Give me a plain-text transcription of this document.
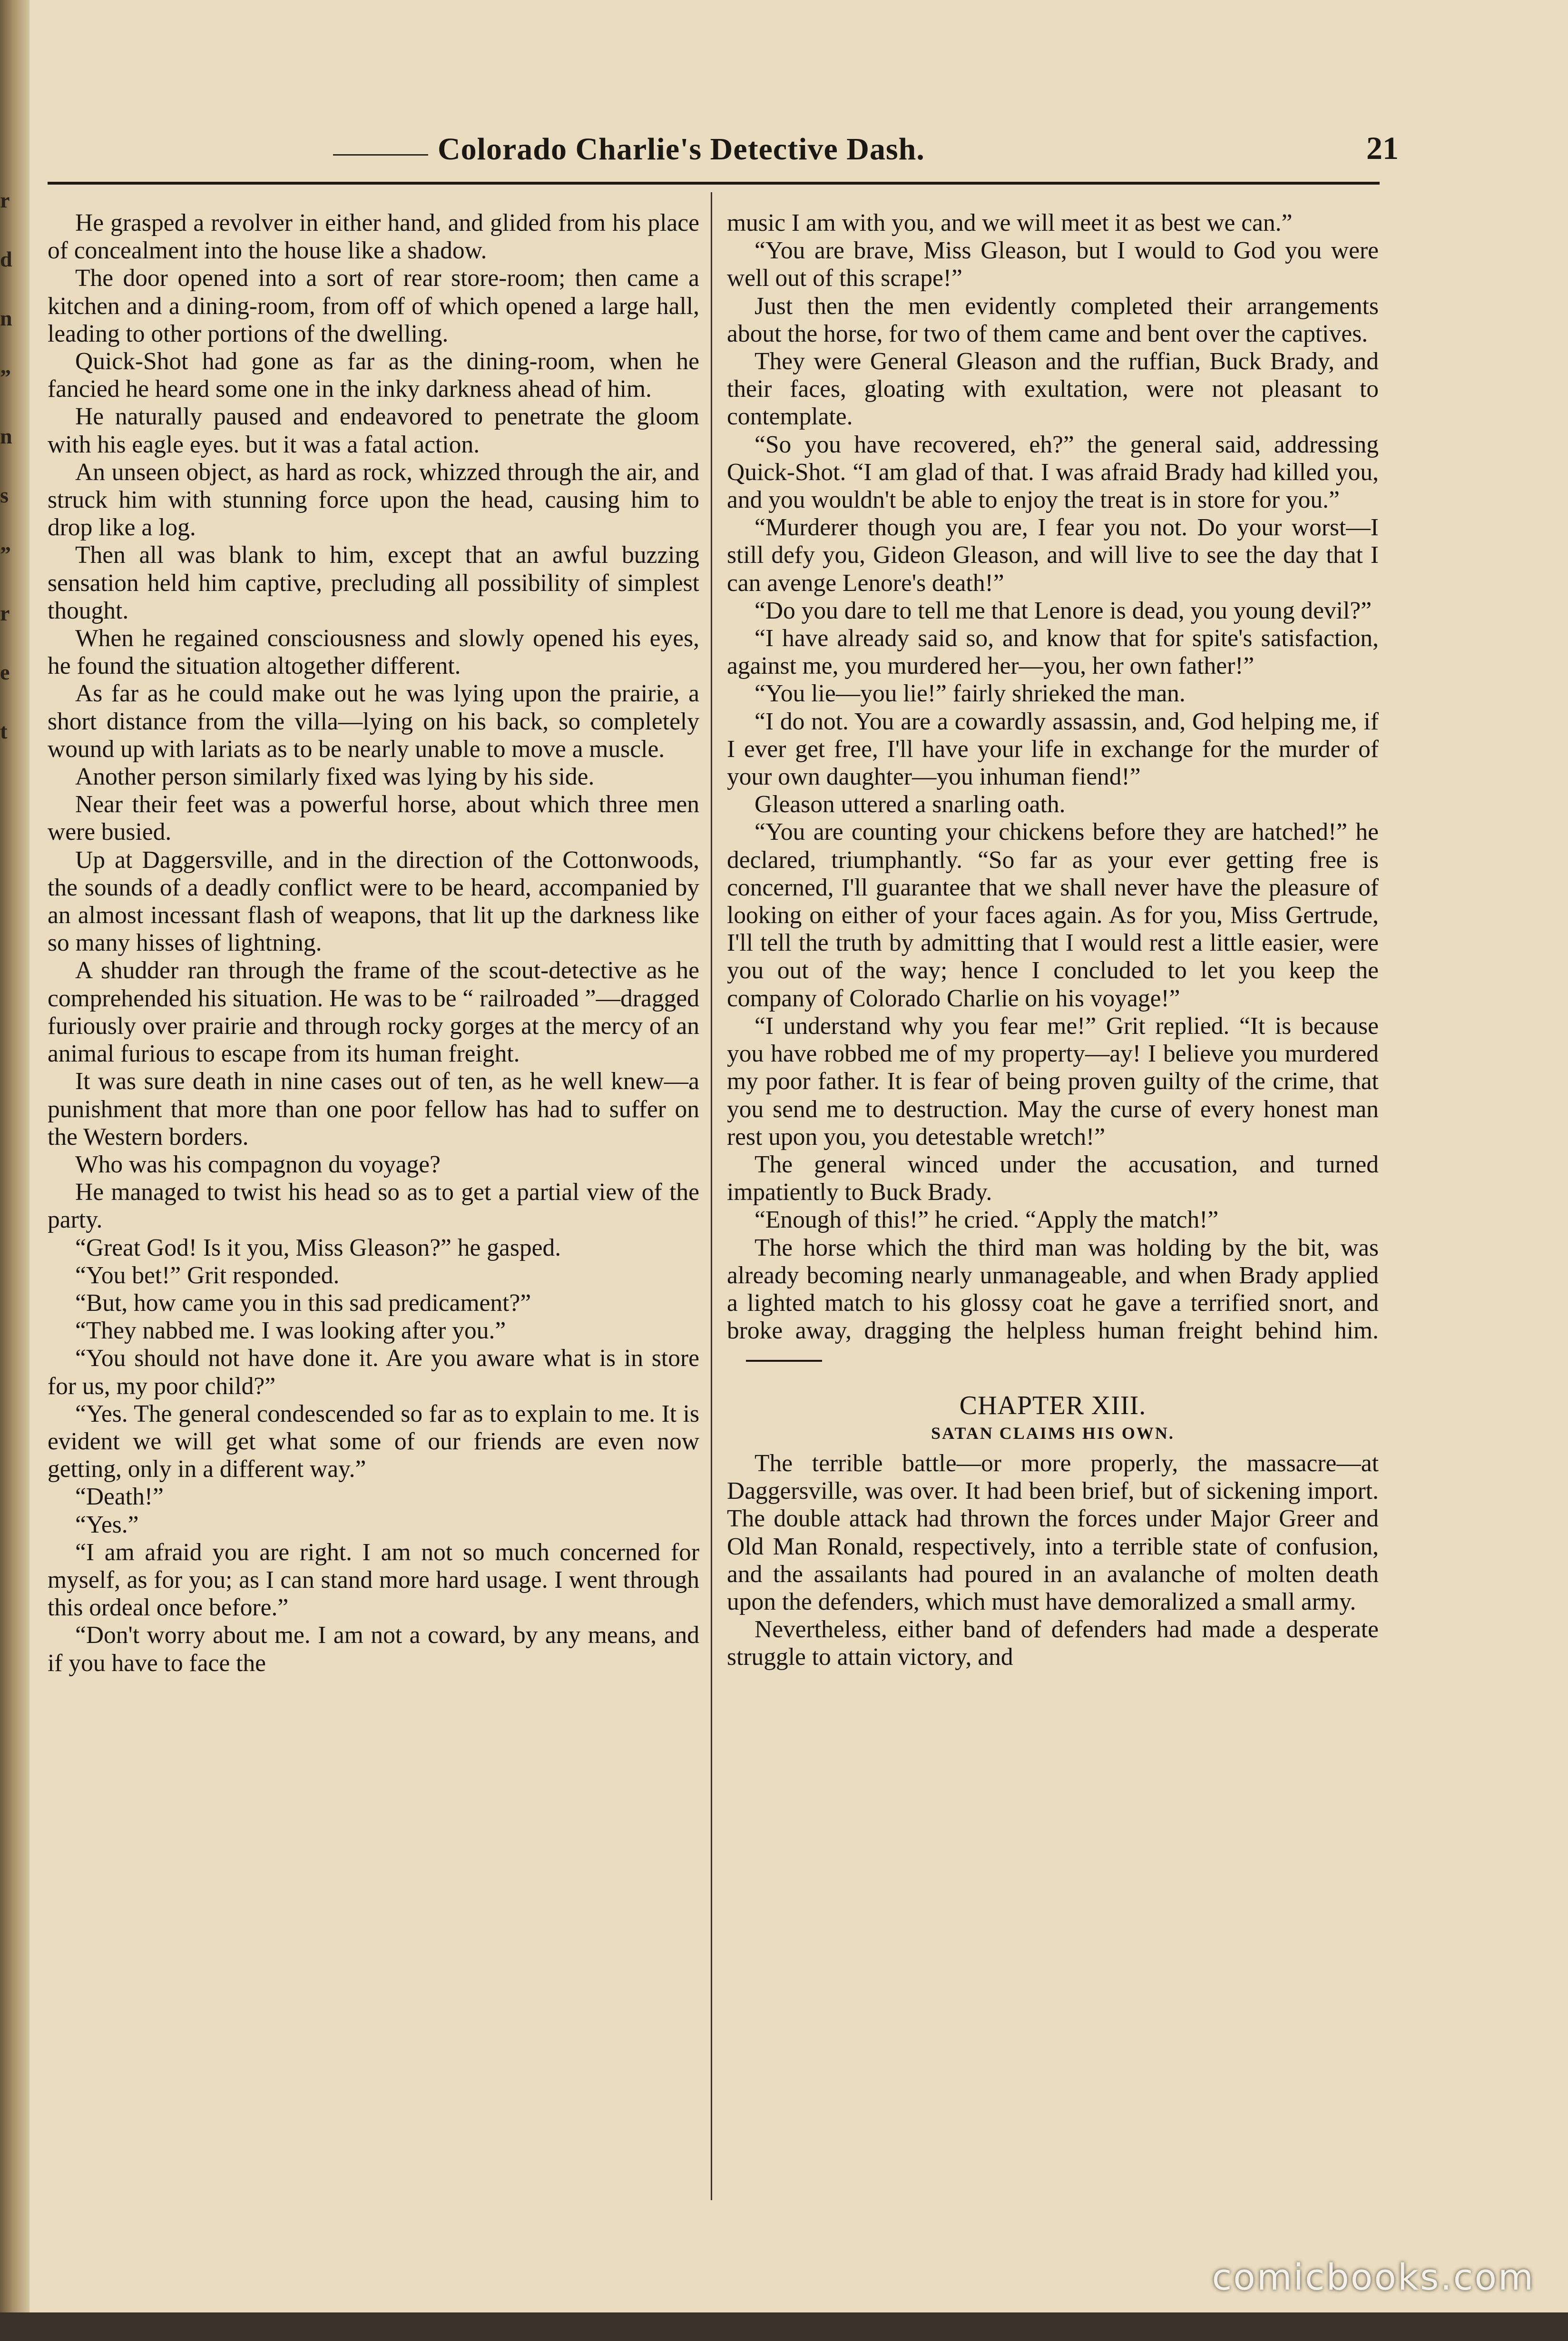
r
d
n
”
n
s
”
r
e
t
Colorado Charlie's Detective Dash.	21

He grasped a revolver in either hand, and glided from his place of concealment into the house like a shadow.

The door opened into a sort of rear store-room; then came a kitchen and a dining-room, from off of which opened a large hall, leading to other portions of the dwelling.

Quick-Shot had gone as far as the dining-room, when he fancied he heard some one in the inky darkness ahead of him.

He naturally paused and endeavored to penetrate the gloom with his eagle eyes. but it was a fatal action.

An unseen object, as hard as rock, whizzed through the air, and struck him with stunning force upon the head, causing him to drop like a log.

Then all was blank to him, except that an awful buzzing sensation held him captive, precluding all possibility of simplest thought.

When he regained consciousness and slowly opened his eyes, he found the situation altogether different.

As far as he could make out he was lying upon the prairie, a short distance from the villa—lying on his back, so completely wound up with lariats as to be nearly unable to move a muscle.

Another person similarly fixed was lying by his side.

Near their feet was a powerful horse, about which three men were busied.

Up at Daggersville, and in the direction of the Cottonwoods, the sounds of a deadly conflict were to be heard, accompanied by an almost incessant flash of weapons, that lit up the darkness like so many hisses of lightning.

A shudder ran through the frame of the scout-detective as he comprehended his situation. He was to be “ railroaded ”—dragged furiously over prairie and through rocky gorges at the mercy of an animal furious to escape from its human freight.

It was sure death in nine cases out of ten, as he well knew—a punishment that more than one poor fellow has had to suffer on the Western borders.

Who was his compagnon du voyage?

He managed to twist his head so as to get a partial view of the party.

“Great God! Is it you, Miss Gleason?” he gasped.

“You bet!” Grit responded.

“But, how came you in this sad predicament?”

“They nabbed me. I was looking after you.”

“You should not have done it. Are you aware what is in store for us, my poor child?”

“Yes. The general condescended so far as to explain to me. It is evident we will get what some of our friends are even now getting, only in a different way.”

“Death!”

“Yes.”

“I am afraid you are right. I am not so much concerned for myself, as for you; as I can stand more hard usage. I went through this ordeal once before.”

“Don't worry about me. I am not a coward, by any means, and if you have to face the

music I am with you, and we will meet it as best we can.”

“You are brave, Miss Gleason, but I would to God you were well out of this scrape!”

Just then the men evidently completed their arrangements about the horse, for two of them came and bent over the captives.

They were General Gleason and the ruffian, Buck Brady, and their faces, gloating with exultation, were not pleasant to contemplate.

“So you have recovered, eh?” the general said, addressing Quick-Shot. “I am glad of that. I was afraid Brady had killed you, and you wouldn't be able to enjoy the treat is in store for you.”

“Murderer though you are, I fear you not. Do your worst—I still defy you, Gideon Gleason, and will live to see the day that I can avenge Lenore's death!”

“Do you dare to tell me that Lenore is dead, you young devil?”

“I have already said so, and know that for spite's satisfaction, against me, you murdered her—you, her own father!”

“You lie—you lie!” fairly shrieked the man.

“I do not. You are a cowardly assassin, and, God helping me, if I ever get free, I'll have your life in exchange for the murder of your own daughter—you inhuman fiend!”

Gleason uttered a snarling oath.

“You are counting your chickens before they are hatched!” he declared, triumphantly. “So far as your ever getting free is concerned, I'll guarantee that we shall never have the pleasure of looking on either of your faces again. As for you, Miss Gertrude, I'll tell the truth by admitting that I would rest a little easier, were you out of the way; hence I concluded to let you keep the company of Colorado Charlie on his voyage!”

“I understand why you fear me!” Grit replied. “It is because you have robbed me of my property—ay! I believe you murdered my poor father. It is fear of being proven guilty of the crime, that you send me to destruction. May the curse of every honest man rest upon you, you detestable wretch!”

The general winced under the accusation, and turned impatiently to Buck Brady.

“Enough of this!” he cried. “Apply the match!”

The horse which the third man was holding by the bit, was already becoming nearly unmanageable, and when Brady applied a lighted match to his glossy coat he gave a terrified snort, and broke away, dragging the helpless human freight behind him.

CHAPTER XIII.
SATAN CLAIMS HIS OWN.

The terrible battle—or more properly, the massacre—at Daggersville, was over. It had been brief, but of sickening import. The double attack had thrown the forces under Major Greer and Old Man Ronald, respectively, into a terrible state of confusion, and the assailants had poured in an avalanche of molten death upon the defenders, which must have demoralized a small army.

Nevertheless, either band of defenders had made a desperate struggle to attain victory, and

comicbooks.com
